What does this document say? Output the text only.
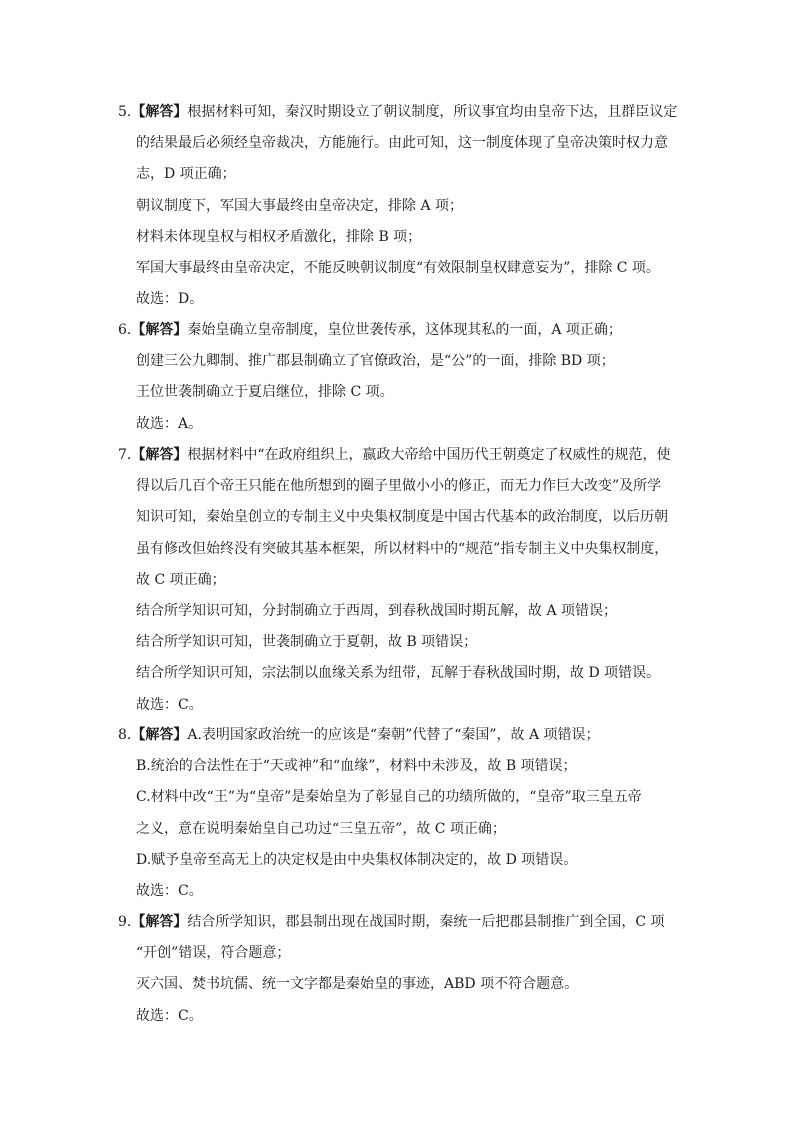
5.【解答】根据材料可知，秦汉时期设立了朝议制度，所议事宜均由皇帝下达，且群臣议定
的结果最后必须经皇帝裁决，方能施行。由此可知，这一制度体现了皇帝决策时权力意
志，D 项正确；
朝议制度下，军国大事最终由皇帝决定，排除 A 项；
材料未体现皇权与相权矛盾激化，排除 B 项；
军国大事最终由皇帝决定，不能反映朝议制度“有效限制皇权肆意妄为”，排除 C 项。
故选：D。
6.【解答】秦始皇确立皇帝制度，皇位世袭传承，这体现其私的一面，A 项正确；
创建三公九卿制、推广郡县制确立了官僚政治，是“公”的一面，排除 BD 项；
王位世袭制确立于夏启继位，排除 C 项。
故选：A。
7.【解答】根据材料中“在政府组织上，嬴政大帝给中国历代王朝奠定了权威性的规范，使
得以后几百个帝王只能在他所想到的圈子里做小小的修正，而无力作巨大改变”及所学
知识可知，秦始皇创立的专制主义中央集权制度是中国古代基本的政治制度，以后历朝
虽有修改但始终没有突破其基本框架，所以材料中的“规范”指专制主义中央集权制度，
故 C 项正确；
结合所学知识可知，分封制确立于西周，到春秋战国时期瓦解，故 A 项错误；
结合所学知识可知，世袭制确立于夏朝，故 B 项错误；
结合所学知识可知，宗法制以血缘关系为纽带，瓦解于春秋战国时期，故 D 项错误。
故选：C。
8.【解答】A.表明国家政治统一的应该是“秦朝”代替了“秦国”，故 A 项错误；
B.统治的合法性在于“天或神”和“血缘”，材料中未涉及，故 B 项错误；
C.材料中改“王”为“皇帝”是秦始皇为了彰显自己的功绩所做的，“皇帝”取三皇五帝
之义，意在说明秦始皇自己功过“三皇五帝”，故 C 项正确；
D.赋予皇帝至高无上的决定权是由中央集权体制决定的，故 D 项错误。
故选：C。
9.【解答】结合所学知识，郡县制出现在战国时期，秦统一后把郡县制推广到全国，C 项
“开创”错误，符合题意；
灭六国、焚书坑儒、统一文字都是秦始皇的事迹，ABD 项不符合题意。
故选：C。
